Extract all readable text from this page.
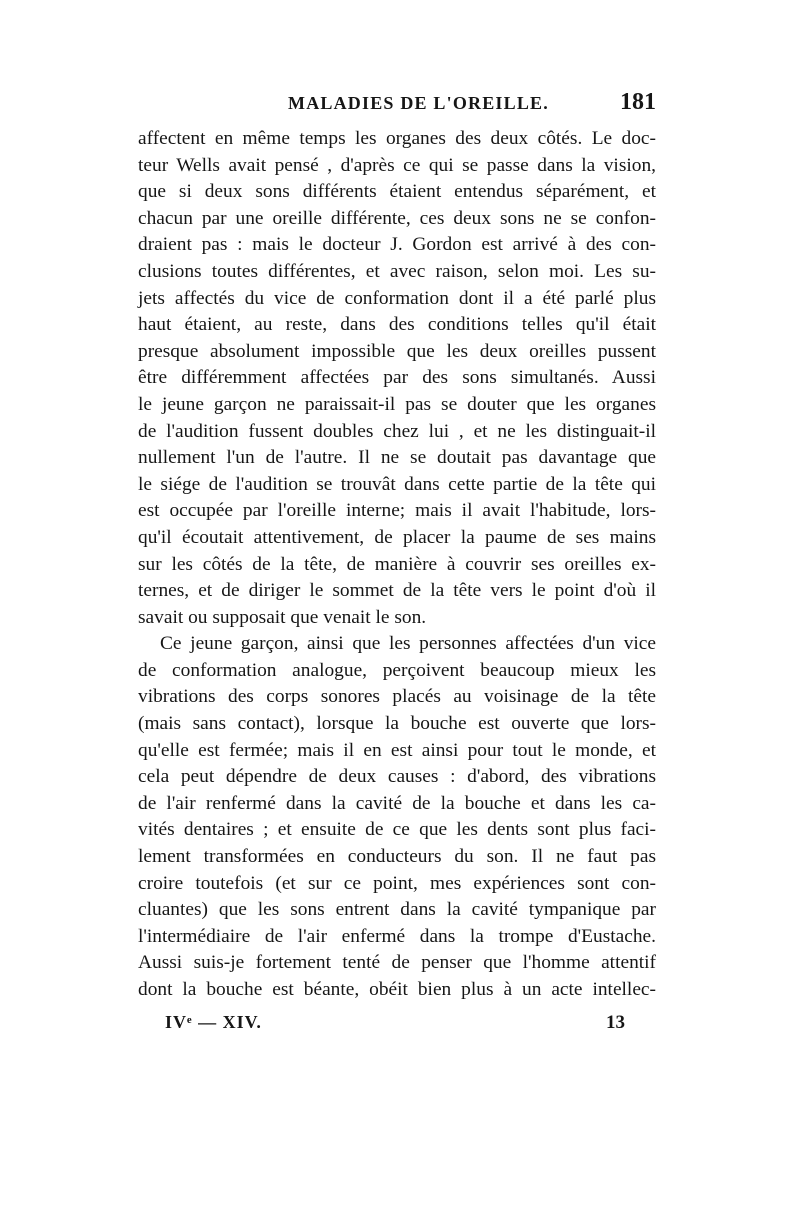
MALADIES DE L'OREILLE.	181
affectent en même temps les organes des deux côtés. Le doc-
teur Wells avait pensé , d'après ce qui se passe dans la vision,
que si deux sons différents étaient entendus séparément, et
chacun par une oreille différente, ces deux sons ne se confon-
draient pas : mais le docteur J. Gordon est arrivé à des con-
clusions toutes différentes, et avec raison, selon moi. Les su-
jets affectés du vice de conformation dont il a été parlé plus
haut étaient, au reste, dans des conditions telles qu'il était
presque absolument impossible que les deux oreilles pussent
être différemment affectées par des sons simultanés. Aussi
le jeune garçon ne paraissait-il pas se douter que les organes
de l'audition fussent doubles chez lui , et ne les distinguait-il
nullement l'un de l'autre. Il ne se doutait pas davantage que
le siége de l'audition se trouvât dans cette partie de la tête qui
est occupée par l'oreille interne; mais il avait l'habitude, lors-
qu'il écoutait attentivement, de placer la paume de ses mains
sur les côtés de la tête, de manière à couvrir ses oreilles ex-
ternes, et de diriger le sommet de la tête vers le point d'où il
savait ou supposait que venait le son.
Ce jeune garçon, ainsi que les personnes affectées d'un vice
de conformation analogue, perçoivent beaucoup mieux les
vibrations des corps sonores placés au voisinage de la tête
(mais sans contact), lorsque la bouche est ouverte que lors-
qu'elle est fermée; mais il en est ainsi pour tout le monde, et
cela peut dépendre de deux causes : d'abord, des vibrations
de l'air renfermé dans la cavité de la bouche et dans les ca-
vités dentaires ; et ensuite de ce que les dents sont plus faci-
lement transformées en conducteurs du son. Il ne faut pas
croire toutefois (et sur ce point, mes expériences sont con-
cluantes) que les sons entrent dans la cavité tympanique par
l'intermédiaire de l'air enfermé dans la trompe d'Eustache.
Aussi suis-je fortement tenté de penser que l'homme attentif
dont la bouche est béante, obéit bien plus à un acte intellec-
IVᵉ — XIV.	13
